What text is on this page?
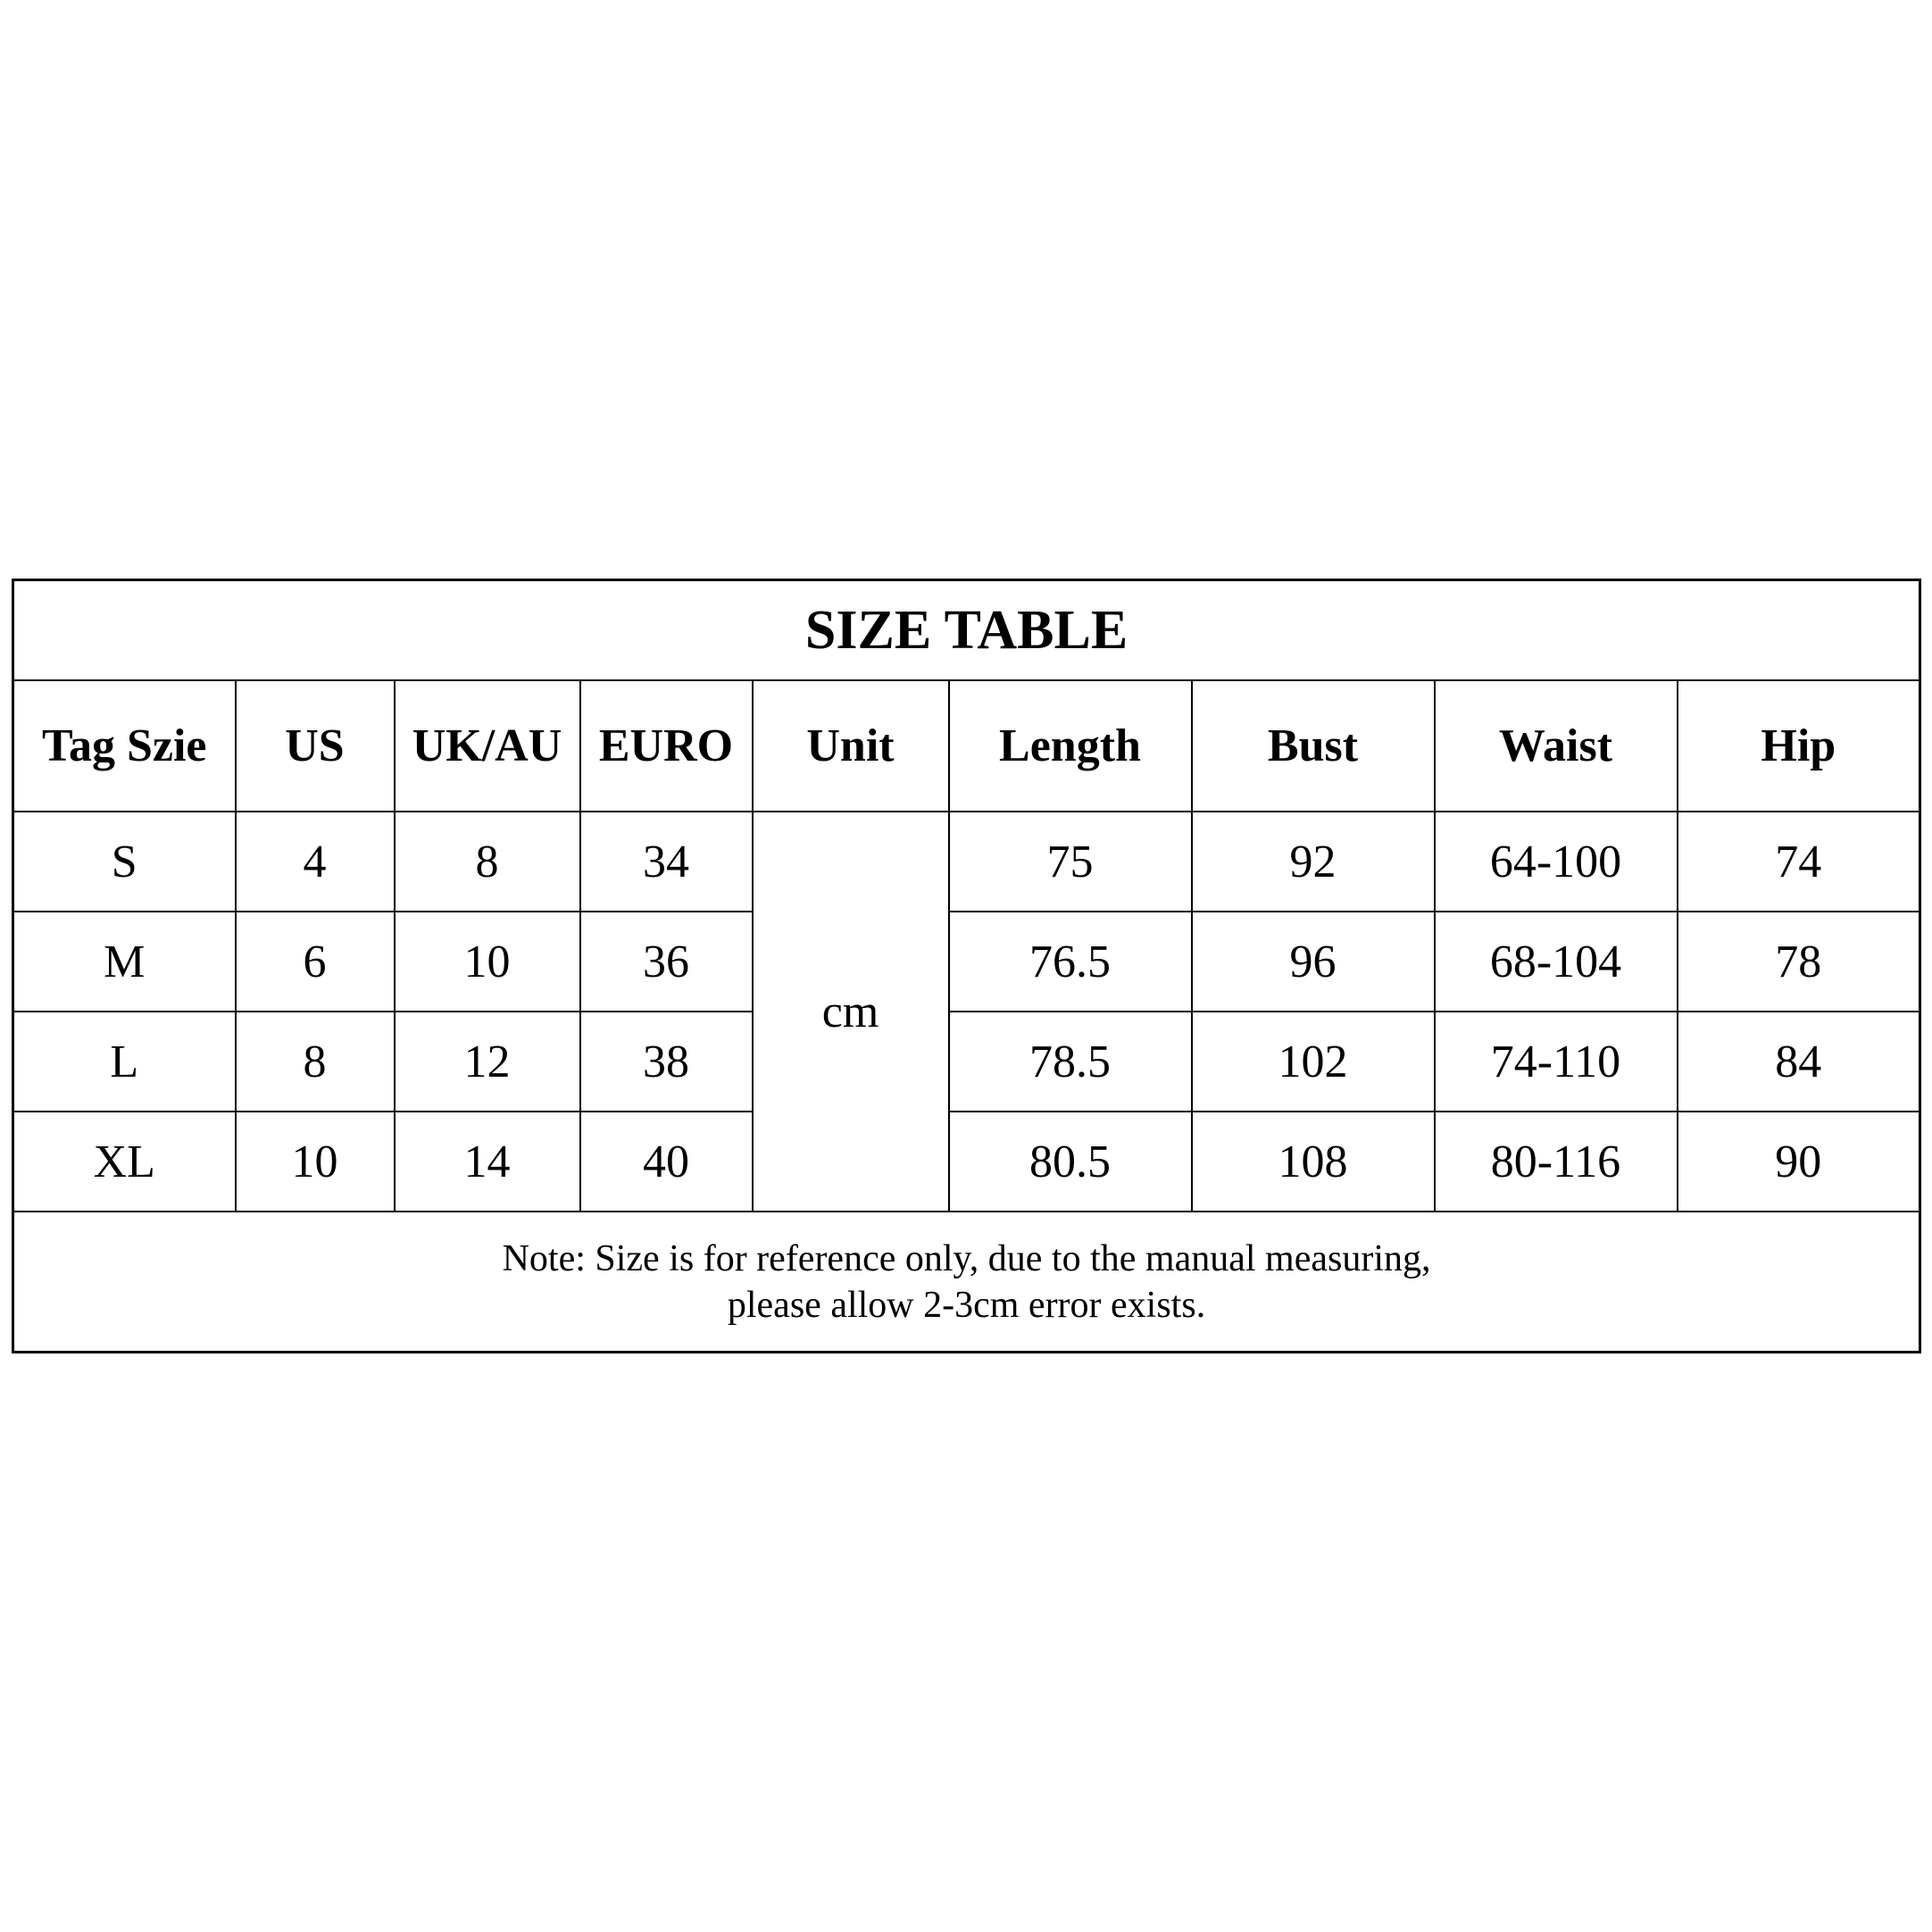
SIZE TABLE								
Tag Szie	US	UK/AU	EURO	Unit	Length	Bust	Waist	Hip
S	4	8	34	cm	75	92	64-100	74
M	6	10	36		76.5	96	68-104	78
L	8	12	38		78.5	102	74-110	84
XL	10	14	40		80.5	108	80-116	90

Note: Size is for reference only, due to the manual measuring,
please allow 2-3cm error exists.								
